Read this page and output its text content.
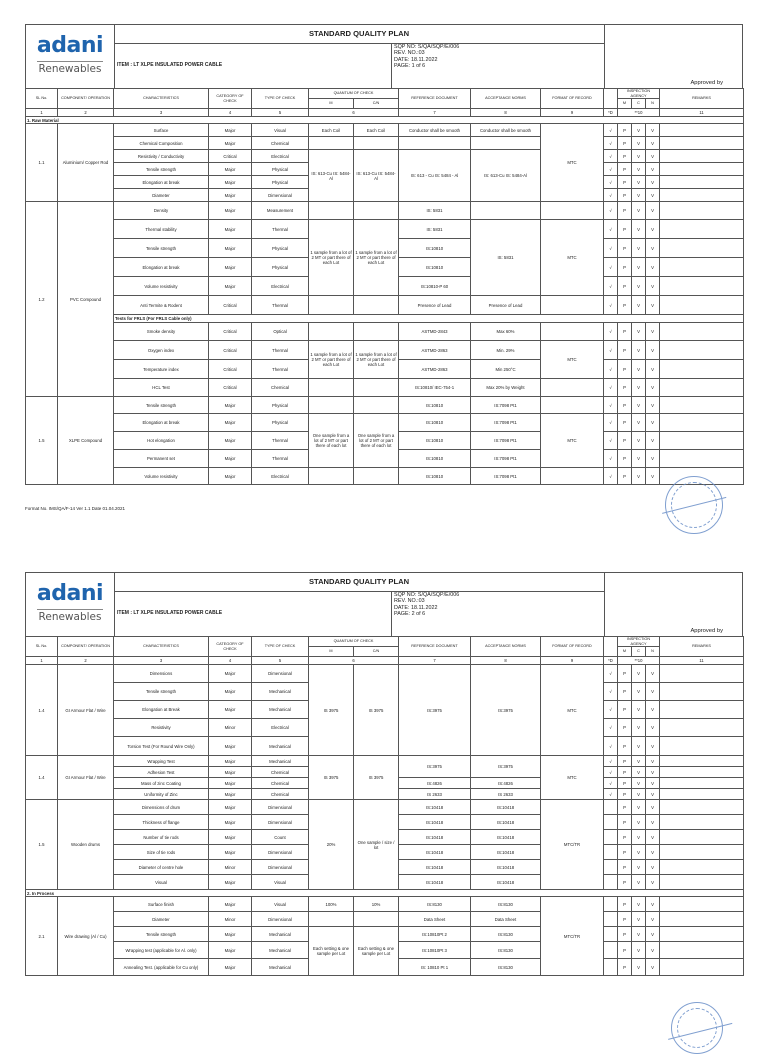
adani
Renewables
STANDARD QUALITY PLAN
ITEM : LT XLPE INSULATED POWER CABLE
SQP NO: S/QA/SQP/E/006
REV. NO.:03
DATE: 18.11.2022
PAGE: 1 of 6
Approved by
SL No.	COMPONENT/ OPERATION	CHARACTERISTICS	CATEGORY OF CHECK	TYPE OF CHECK	QUANTUM OF CHECK		REFERENCE DOCUMENT	ACCEPTANCE NORMS	FORMAT OF RECORD		INSPECTION AGENCY			REMARKS
					M	C/N					M	C	N	
1	2	3	4	5	6		7	8	9	*D	**10			11
1. Raw Material														
1.1	Aluminium/ Copper Rod	Surface	Major	Visual	Each Coil	Each Coil	Conductor shall be smooth	Conductor shall be smooth	MTC	√	P	V	V	
		Chemical Composition	Major	Chemical						√	P	V	V	
		Resistivity / Conductivity	Critical	Electrical	IS: 613-Cu IS: 5484-Al	IS: 613-Cu IS: 5484-Al	IS: 613 - Cu IS: 5484 - Al	IS: 613-Cu IS: 5484-Al		√	P	V	V	
		Tensile strength	Major	Physical						√	P	V	V	
		Elongation at break	Major	Physical						√	P	V	V	
		Diameter	Major	Dimensional						√	P	V	V	
1.2	PVC Compound	Density	Major	Measurement			IS: 5831			√	P	V	V	
		Thermal stability	Major	Thermal	1 sample from a lot of 2 MT or part there of each Lot	1 sample from a lot of 2 MT or part there of each Lot	IS: 5831	IS: 5831	MTC	√	P	V	V	
		Tensile strength	Major	Physical			IS:10810			√	P	V	V	
		Elongation at break	Major	Physical			IS:10810			√	P	V	V	
		Volume resistivity	Major	Electrical			IS:10810-P 60			√	P	V	V	
		Anti Termite & Rodent	Critical	Thermal			Presence of Lead	Presence of Lead		√	P	V	V	
		Tests for FRLS (For FRLS Cable only)												
		Smoke density	Critical	Optical			ASTMD-2843	Max 60%		√	P	V	V	
		Oxygen index	Critical	Thermal	1 sample from a lot of 2 MT or part there of each Lot	1 sample from a lot of 2 MT or part there of each Lot	ASTMD-2863	Min. 29%	MTC	√	P	V	V	
		Temperature index	Critical	Thermal			ASTMD-2863	Min 250°C		√	P	V	V	
		HCL Test	Critical	Chemical			IS:10810/ IEC-754-1	Max 20% by Weight		√	P	V	V	
1.5	XLPE Compound	Tensile strength	Major	Physical			IS:10810	IS:7098 Pt1		√	P	V	V	
		Elongation at break	Major	Physical	One sample from a lot of 2 MT or part there of each lot	One sample from a lot of 2 MT or part there of each lot	IS:10810	IS:7098 Pt1	MTC	√	P	V	V	
		Hot elongation	Major	Thermal			IS:10810	IS:7098 Pt1		√	P	V	V	
		Permanent set	Major	Thermal			IS:10810	IS:7098 Pt1		√	P	V	V	
		Volume resistivity	Major	Electrical			IS:10810	IS:7098 Pt1		√	P	V	V	
Format No. IMS/QA/F-14 Ver 1.1 Date 01.04.2021
adani
Renewables
STANDARD QUALITY PLAN
ITEM : LT XLPE INSULATED POWER CABLE
SQP NO: S/QA/SQP/E/006
REV. NO.:03
DATE: 18.11.2022
PAGE: 2 of 6
Approved by
SL No.	COMPONENT/ OPERATION	CHARACTERISTICS	CATEGORY OF CHECK	TYPE OF CHECK	QUANTUM OF CHECK		REFERENCE DOCUMENT	ACCEPTANCE NORMS	FORMAT OF RECORD		INSPECTION AGENCY			REMARKS
					M	C/N					M	C	N	
1	2	3	4	5	6		7	8	9	*D	**10			11
1.4	GI Armour Flat / Wire	Dimensions	Major	Dimensional	IS 3975	IS 3975	IS:3975	IS:3975	MTC	√	P	V	V	
		Tensile strength	Major	Mechanical						√	P	V	V	
		Elongation at Break	Major	Mechanical						√	P	V	V	
		Resistivity	Minor	Electrical						√	P	V	V	
		Torsion Test (For Round Wire Only)	Major	Mechanical						√	P	V	V	
1.4	GI Armour Flat / Wire	Wrapping Test	Major	Mechanical	IS 3975	IS 3975	IS:3975	IS:3975	MTC	√	P	V	V	
		Adhesion Test	Major	Chemical						√	P	V	V	
		Mass of zinc Coating	Major	Chemical			IS:4826	IS:4826		√	P	V	V	
		Uniformity of Zinc	Major	Chemical			IS 2633	IS 2633		√	P	V	V	
1.5	Wooden drums	Dimensions of drum	Major	Dimensional	20%	One sample / size / lot	IS:10418	IS:10418	MTC/TR		P	V	V	
		Thickness of flange	Major	Dimensional			IS:10418	IS:10418			P	V	V	
		Number of tie rods	Major	Count			IS:10418	IS:10418			P	V	V	
		Size of tie rods	Major	Dimensional			IS:10418	IS:10418			P	V	V	
		Diameter of centre hole	Minor	Dimensional			IS:10418	IS:10418			P	V	V	
		Visual	Major	Visual			IS:10418	IS:10418			P	V	V	
2. In Process														
2.1	Wire drawing (Al / Cu)	Surface finish	Major	Visual	100%	10%	IS:8130	IS:8130	MTC/TR		P	V	V	
		Diameter	Minor	Dimensional			Data Sheet	Data Sheet			P	V	V	
		Tensile strength	Major	Mechanical	Each setting & one sample per Lot	Each setting & one sample per Lot	IS:10810Pt 2	IS:8130			P	V	V	
		Wrapping test (applicable for Al. only)	Major	Mechanical			IS:10810Pt 3	IS:8130			P	V	V	
		Annealing Test. (applicable for Cu only)	Major	Mechanical			IS: 10810 Pt 1	IS:8130			P	V	V	
